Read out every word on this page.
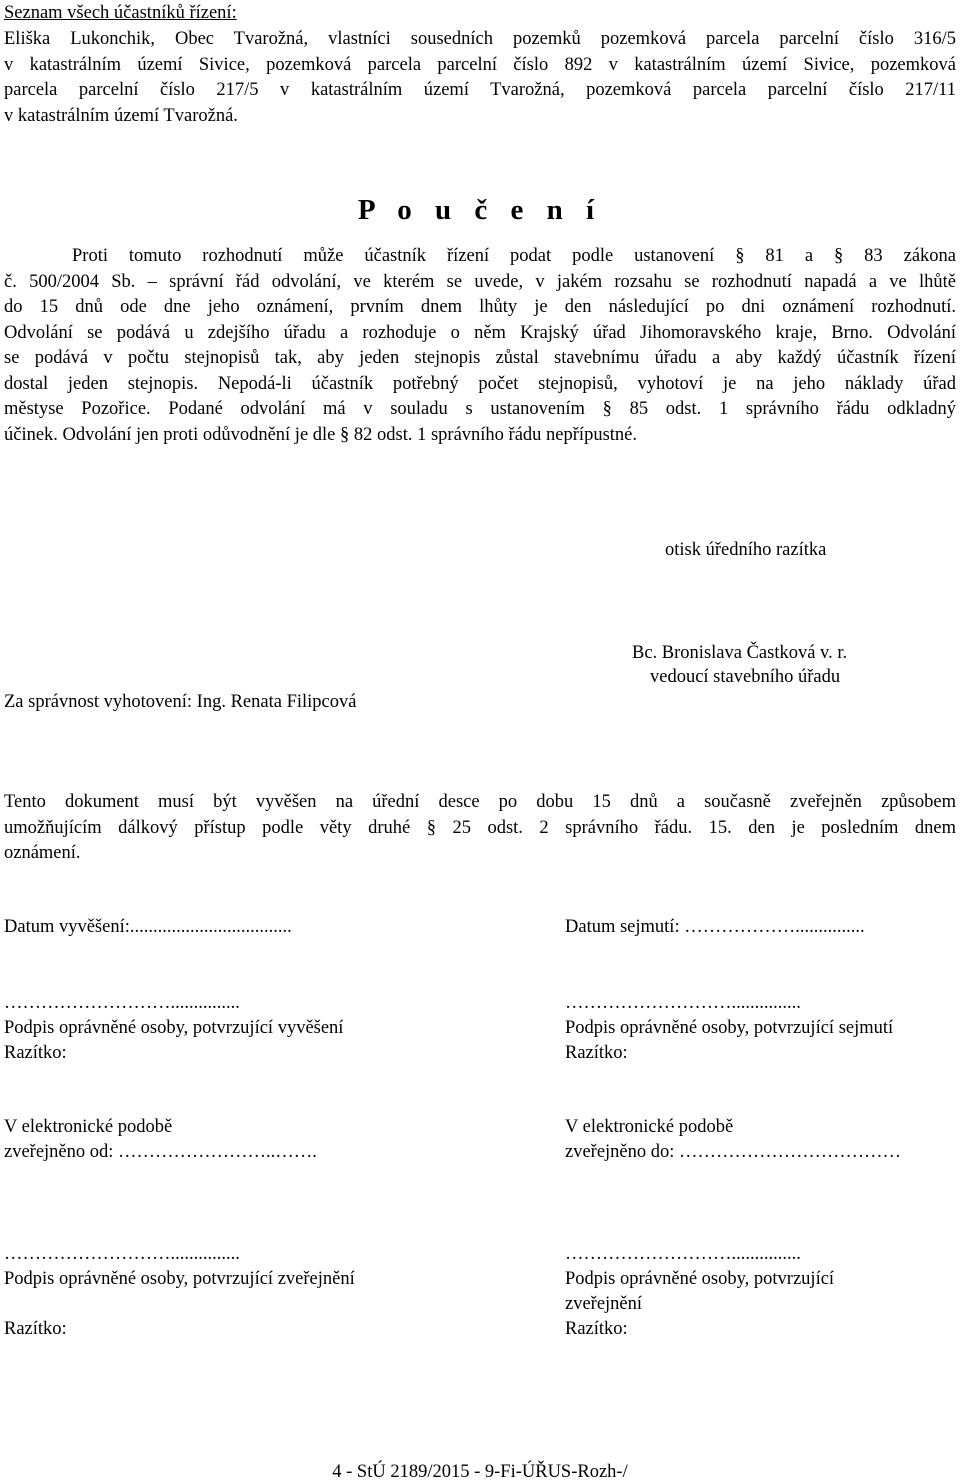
Seznam všech účastníků řízení:
Eliška Lukonchik, Obec Tvarožná, vlastníci sousedních pozemků pozemková parcela parcelní číslo 316/5
v katastrálním území Sivice, pozemková parcela parcelní číslo 892 v katastrálním území Sivice, pozemková
parcela parcelní číslo 217/5 v katastrálním území Tvarožná, pozemková parcela parcelní číslo 217/11
v katastrálním území Tvarožná.
P o u č e n í
Proti tomuto rozhodnutí může účastník řízení podat podle ustanovení § 81 a § 83 zákona
č. 500/2004 Sb. – správní řád odvolání, ve kterém se uvede, v jakém rozsahu se rozhodnutí napadá a ve lhůtě
do 15 dnů ode dne jeho oznámení, prvním dnem lhůty je den následující po dni oznámení rozhodnutí.
Odvolání se podává u zdejšího úřadu a rozhoduje o něm Krajský úřad Jihomoravského kraje, Brno. Odvolání
se podává v počtu stejnopisů tak, aby jeden stejnopis zůstal stavebnímu úřadu a aby každý účastník řízení
dostal jeden stejnopis. Nepodá-li účastník potřebný počet stejnopisů, vyhotoví je na jeho náklady úřad
městyse Pozořice. Podané odvolání má v souladu s ustanovením § 85 odst. 1 správního řádu odkladný
účinek. Odvolání jen proti odůvodnění je dle § 82 odst. 1 správního řádu nepřípustné.
otisk úředního razítka
Bc. Bronislava Častková v. r.
vedoucí stavebního úřadu
Za správnost vyhotovení: Ing. Renata Filipcová
Tento dokument musí být vyvěšen na úřední desce po dobu 15 dnů a současně zveřejněn způsobem
umožňujícím dálkový přístup podle věty druhé § 25 odst. 2 správního řádu. 15. den je posledním dnem
oznámení.
Datum vyvěšení:...................................
………………………...............
Podpis oprávněné osoby, potvrzující vyvěšení
Razítko:
V elektronické podobě
zveřejněno od: ……………………..…….
………………………...............
Podpis oprávněné osoby, potvrzující zveřejnění
Razítko:
Datum sejmutí: ………………...............
………………………...............
Podpis oprávněné osoby, potvrzující sejmutí
Razítko:
V elektronické podobě
zveřejněno do: ………………………………
………………………...............
Podpis oprávněné osoby, potvrzující
zveřejnění
Razítko:
4 - StÚ 2189/2015 - 9-Fi-ÚŘUS-Rozh-/
